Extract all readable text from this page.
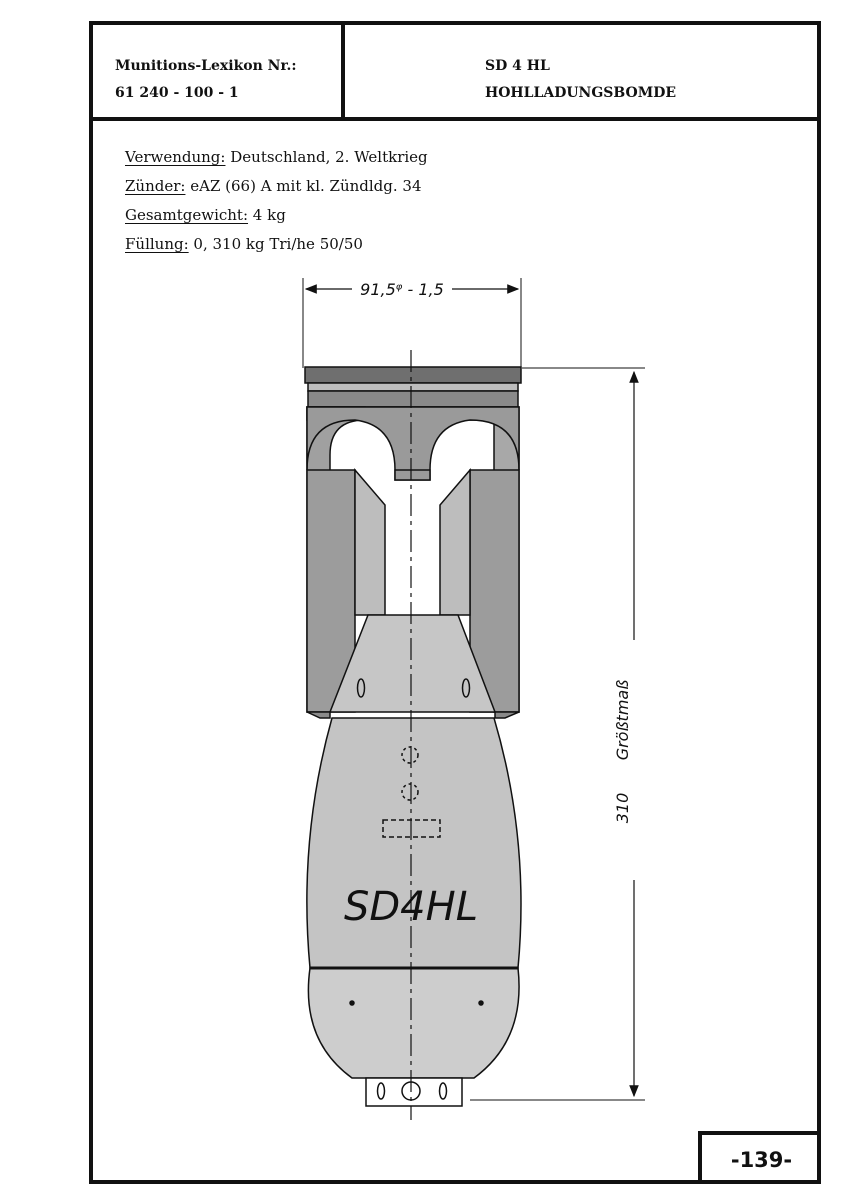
Munitions-Lexikon Nr.:
61 240 - 100 - 1
SD 4 HL
HOHLLADUNGSBOMDE
Verwendung: Deutschland, 2. Weltkrieg
Zünder: eAZ (66) A mit kl. Zündldg. 34
Gesamtgewicht: 4 kg
Füllung: 0, 310 kg Tri/he 50/50
-139-
91,5ᵠ - 1,5
Größtmaß
310
SD4HL
